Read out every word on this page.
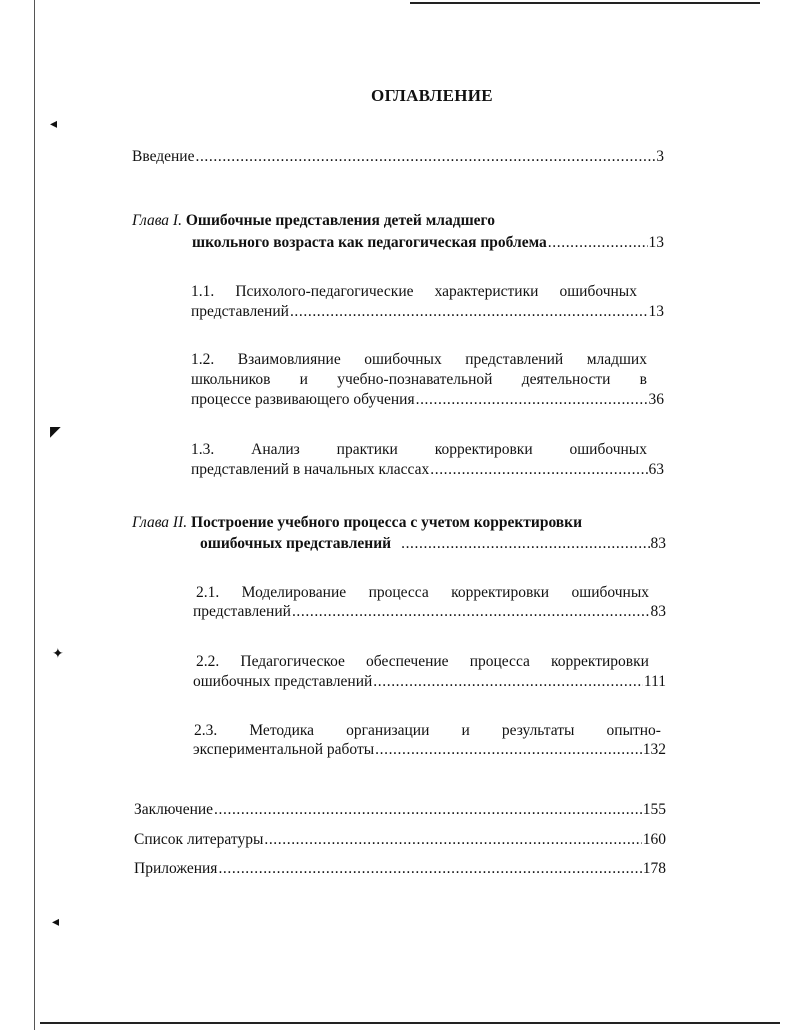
◂
◤
✦
◂
ОГЛАВЛЕНИЕ
Введение .....	3
Глава I. Ошибочные представления детей младшего
школьного возраста как педагогическая проблема .....	13
1.1. Психолого-педагогические характеристики ошибочных
представлений .....	13
1.2. Взаимовлияние ошибочных представлений младших
школьников и учебно-познавательной деятельности в
процессе развивающего обучения .....	36
1.3. Анализ практики корректировки ошибочных
представлений в начальных классах .....	63
Глава II. Построение учебного процесса с учетом корректировки
ошибочных представлений .....	83
2.1. Моделирование процесса корректировки ошибочных
представлений .....	83
2.2. Педагогическое обеспечение процесса корректировки
ошибочных представлений .....	111
2.3. Методика организации и результаты опытно-
экспериментальной работы .....	132
Заключение .....	155
Список литературы .....	160
Приложения .....	178
